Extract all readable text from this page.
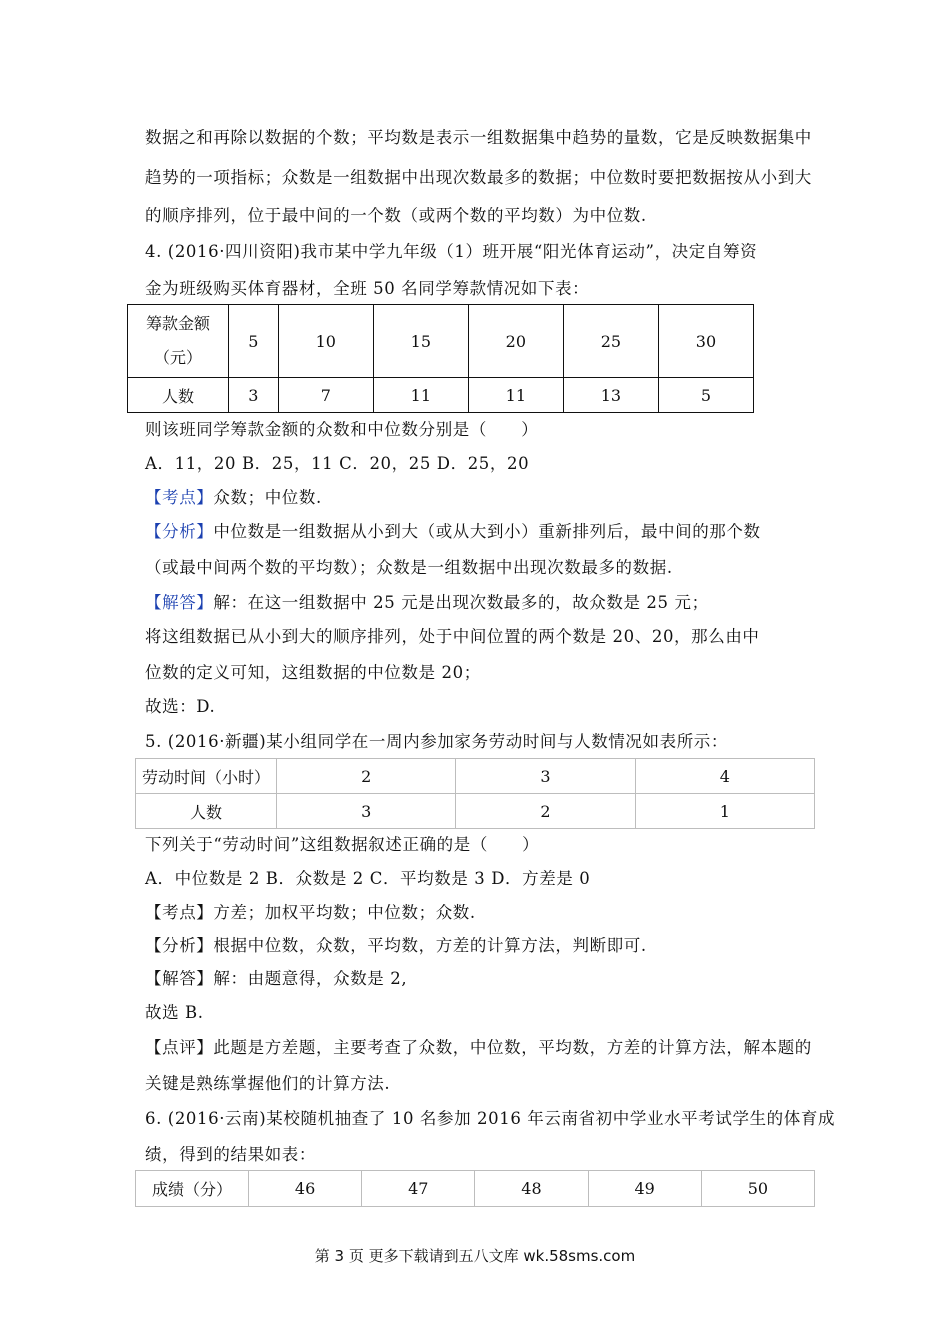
数据之和再除以数据的个数；平均数是表示一组数据集中趋势的量数，它是反映数据集中
趋势的一项指标；众数是一组数据中出现次数最多的数据；中位数时要把数据按从小到大
的顺序排列，位于最中间的一个数（或两个数的平均数）为中位数.
4. (2016·四川资阳)我市某中学九年级（1）班开展“阳光体育运动”，决定自筹资
金为班级购买体育器材，全班 50 名同学筹款情况如下表：
筹款金额
（元）	5	10	15	20	25	30
人数	3	7	11	11	13	5
则该班同学筹款金额的众数和中位数分别是（　　）
A．11，20 B．25，11 C．20，25 D．25，20
【考点】众数；中位数.
【分析】中位数是一组数据从小到大（或从大到小）重新排列后，最中间的那个数
（或最中间两个数的平均数）；众数是一组数据中出现次数最多的数据.
【解答】解：在这一组数据中 25 元是出现次数最多的，故众数是 25 元；
将这组数据已从小到大的顺序排列，处于中间位置的两个数是 20、20，那么由中
位数的定义可知，这组数据的中位数是 20；
故选：D.
5. (2016·新疆)某小组同学在一周内参加家务劳动时间与人数情况如表所示：
劳动时间（小时）	2	3	4
人数	3	2	1
下列关于“劳动时间”这组数据叙述正确的是（　　）
A．中位数是 2 B．众数是 2 C．平均数是 3 D．方差是 0
【考点】方差；加权平均数；中位数；众数.
【分析】根据中位数，众数，平均数，方差的计算方法，判断即可.
【解答】解：由题意得，众数是 2,
故选 B.
【点评】此题是方差题，主要考查了众数，中位数，平均数，方差的计算方法，解本题的
关键是熟练掌握他们的计算方法.
6. (2016·云南)某校随机抽查了 10 名参加 2016 年云南省初中学业水平考试学生的体育成
绩，得到的结果如表：
成绩（分）	46	47	48	49	50
第 3 页 更多下载请到五八文库 wk.58sms.com
